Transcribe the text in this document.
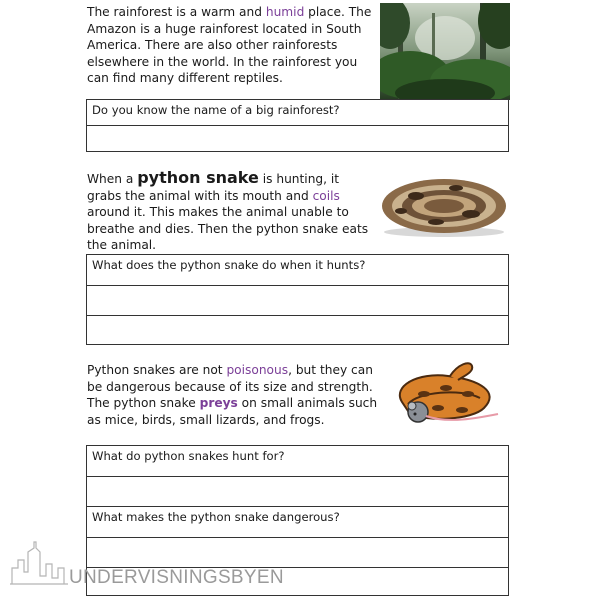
The rainforest is a warm and humid place. The Amazon is a huge rainforest located in South America. There are also other rainforests elsewhere in the world. In the rainforest you can find many different reptiles.

Do you know the name of a big rainforest?

When a python snake is hunting, it grabs the animal with its mouth and coils around it. This makes the animal unable to breathe and dies. Then the python snake eats the animal.

What does the python snake do when it hunts?

Python snakes are not poisonous, but they can be dangerous because of its size and strength. The python snake preys on small animals such as mice, birds, small lizards, and frogs.

What do python snakes hunt for?
What makes the python snake dangerous?
UNDERVISNINGSBYEN
